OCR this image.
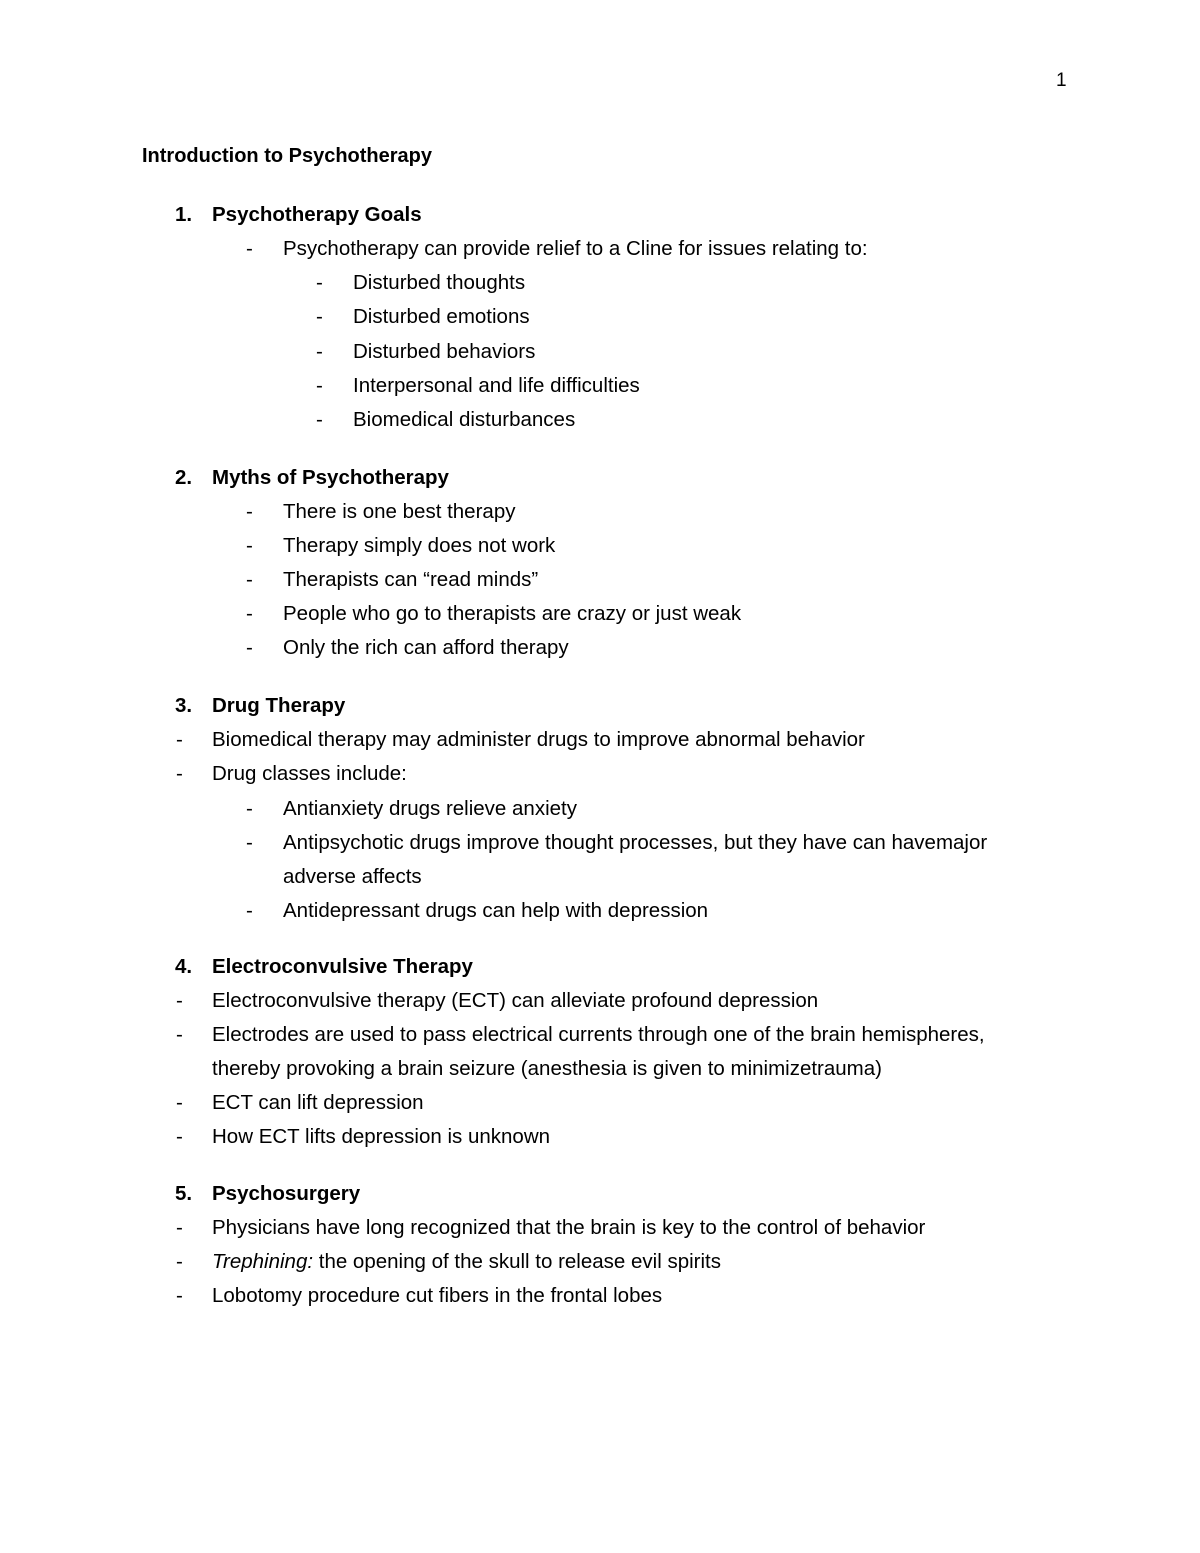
1
Introduction to Psychotherapy
1. Psychotherapy Goals
- Psychotherapy can provide relief to a Cline for issues relating to:
- Disturbed thoughts
- Disturbed emotions
- Disturbed behaviors
- Interpersonal and life difficulties
- Biomedical disturbances
2. Myths of Psychotherapy
- There is one best therapy
- Therapy simply does not work
- Therapists can “read minds”
- People who go to therapists are crazy or just weak
- Only the rich can afford therapy
3. Drug Therapy
- Biomedical therapy may administer drugs to improve abnormal behavior
- Drug classes include:
- Antianxiety drugs relieve anxiety
- Antipsychotic drugs improve thought processes, but they have can havemajor
adverse affects
- Antidepressant drugs can help with depression
4. Electroconvulsive Therapy
- Electroconvulsive therapy (ECT) can alleviate profound depression
- Electrodes are used to pass electrical currents through one of the brain hemispheres,
thereby provoking a brain seizure (anesthesia is given to minimizetrauma)
- ECT can lift depression
- How ECT lifts depression is unknown
5. Psychosurgery
- Physicians have long recognized that the brain is key to the control of behavior
- Trephining: the opening of the skull to release evil spirits
- Lobotomy procedure cut fibers in the frontal lobes
